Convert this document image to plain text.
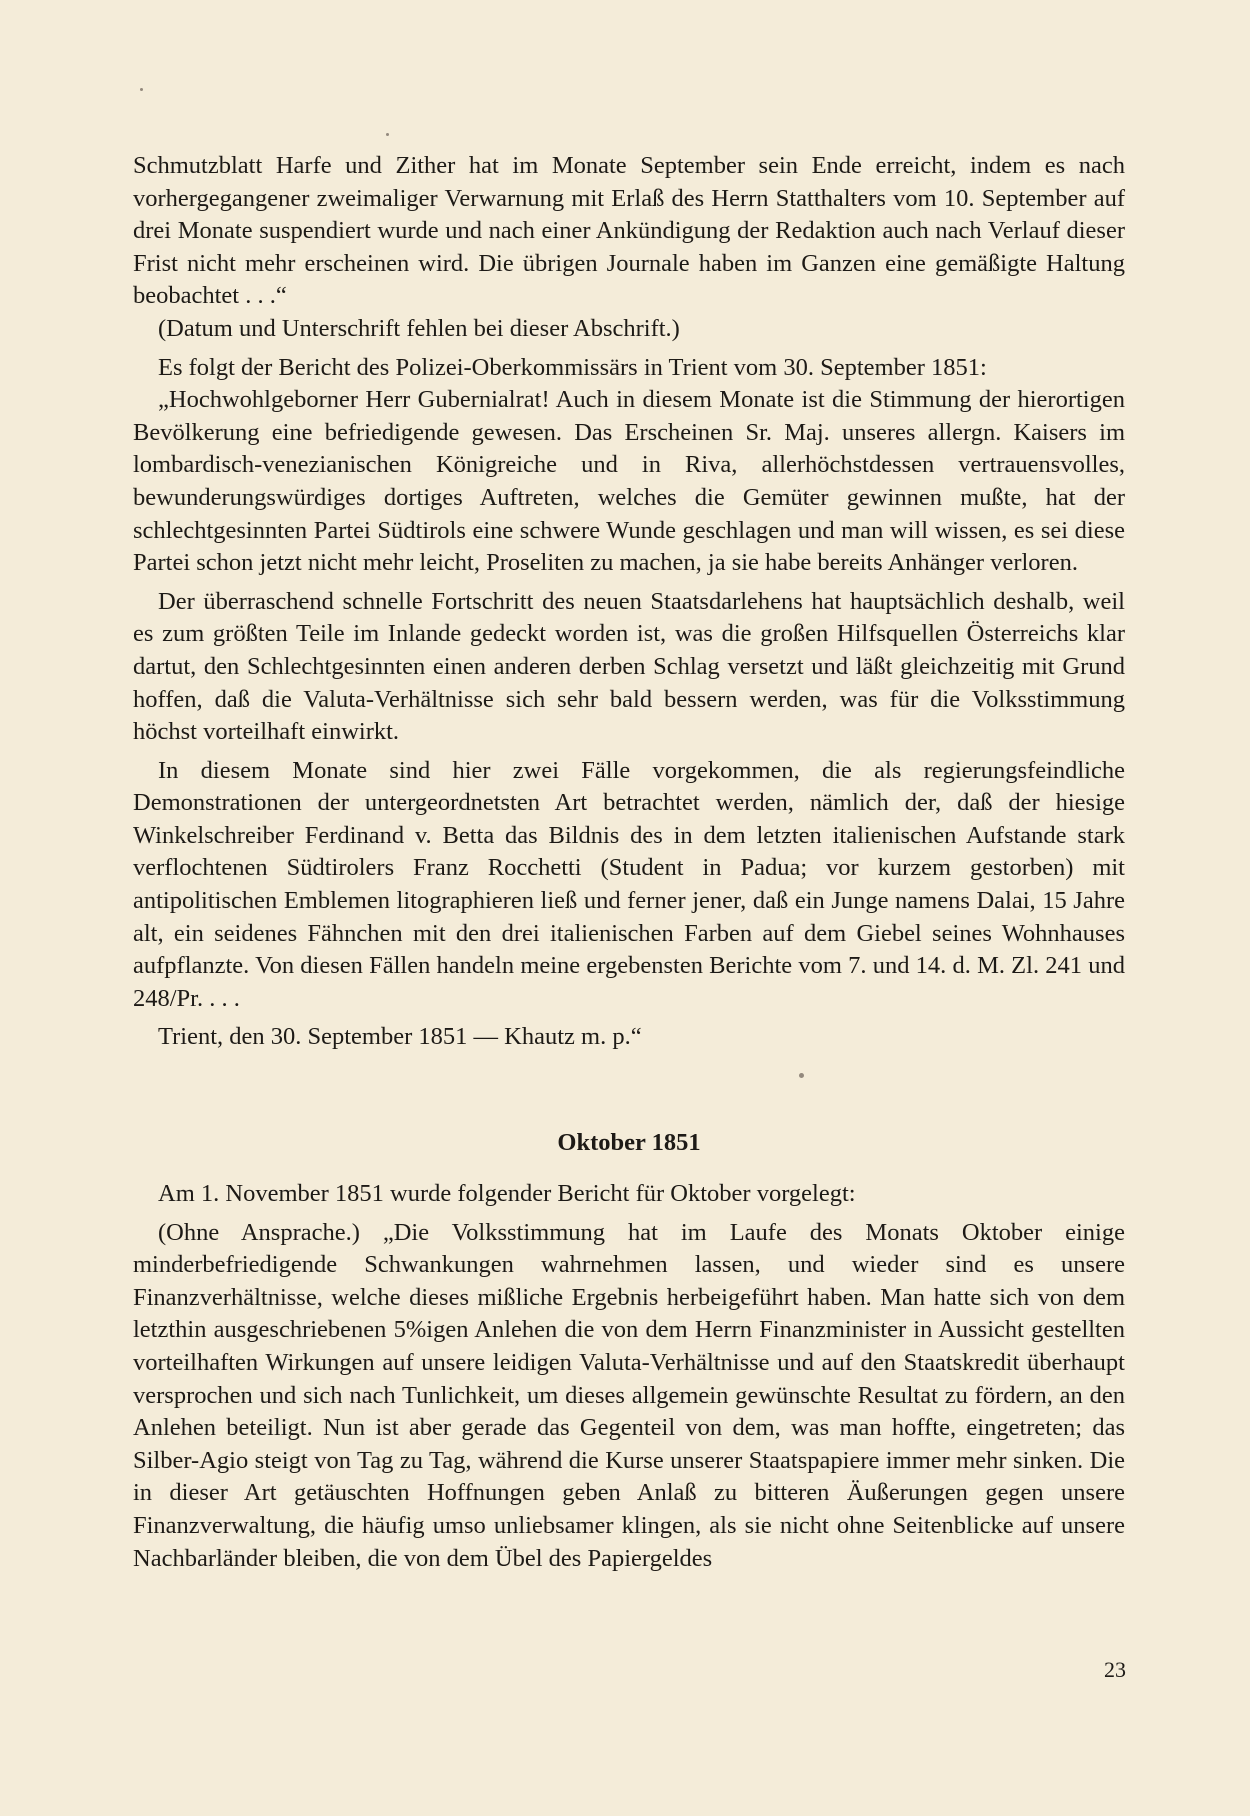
Schmutzblatt Harfe und Zither hat im Monate September sein Ende erreicht, indem es nach vorhergegangener zweimaliger Verwarnung mit Erlaß des Herrn Statthalters vom 10. September auf drei Monate suspendiert wurde und nach einer Ankündigung der Redaktion auch nach Verlauf dieser Frist nicht mehr erscheinen wird. Die übrigen Journale haben im Ganzen eine gemäßigte Haltung beobachtet . . .“

(Datum und Unterschrift fehlen bei dieser Abschrift.)

Es folgt der Bericht des Polizei-Oberkommissärs in Trient vom 30. September 1851:

„Hochwohlgeborner Herr Gubernialrat! Auch in diesem Monate ist die Stimmung der hierortigen Bevölkerung eine befriedigende gewesen. Das Erscheinen Sr. Maj. unseres allergn. Kaisers im lombardisch-venezianischen Königreiche und in Riva, allerhöchstdessen vertrauensvolles, bewunderungswürdiges dortiges Auftreten, welches die Gemüter gewinnen mußte, hat der schlechtgesinnten Partei Südtirols eine schwere Wunde geschlagen und man will wissen, es sei diese Partei schon jetzt nicht mehr leicht, Proseliten zu machen, ja sie habe bereits Anhänger verloren.

Der überraschend schnelle Fortschritt des neuen Staatsdarlehens hat hauptsächlich deshalb, weil es zum größten Teile im Inlande gedeckt worden ist, was die großen Hilfsquellen Österreichs klar dartut, den Schlechtgesinnten einen anderen derben Schlag versetzt und läßt gleichzeitig mit Grund hoffen, daß die Valuta-Verhältnisse sich sehr bald bessern werden, was für die Volksstimmung höchst vorteilhaft einwirkt.

In diesem Monate sind hier zwei Fälle vorgekommen, die als regierungsfeindliche Demonstrationen der untergeordnetsten Art betrachtet werden, nämlich der, daß der hiesige Winkelschreiber Ferdinand v. Betta das Bildnis des in dem letzten italienischen Aufstande stark verflochtenen Südtirolers Franz Rocchetti (Student in Padua; vor kurzem gestorben) mit antipolitischen Emblemen litographieren ließ und ferner jener, daß ein Junge namens Dalai, 15 Jahre alt, ein seidenes Fähnchen mit den drei italienischen Farben auf dem Giebel seines Wohnhauses aufpflanzte. Von diesen Fällen handeln meine ergebensten Berichte vom 7. und 14. d. M. Zl. 241 und 248/Pr. . . .

Trient, den 30. September 1851 — Khautz m. p.“

Oktober 1851

Am 1. November 1851 wurde folgender Bericht für Oktober vorgelegt:

(Ohne Ansprache.) „Die Volksstimmung hat im Laufe des Monats Oktober einige minderbefriedigende Schwankungen wahrnehmen lassen, und wieder sind es unsere Finanzverhältnisse, welche dieses mißliche Ergebnis herbeigeführt haben. Man hatte sich von dem letzthin ausgeschriebenen 5%igen Anlehen die von dem Herrn Finanzminister in Aussicht gestellten vorteilhaften Wirkungen auf unsere leidigen Valuta-Verhältnisse und auf den Staatskredit überhaupt versprochen und sich nach Tunlichkeit, um dieses allgemein gewünschte Resultat zu fördern, an den Anlehen beteiligt. Nun ist aber gerade das Gegenteil von dem, was man hoffte, eingetreten; das Silber-Agio steigt von Tag zu Tag, während die Kurse unserer Staatspapiere immer mehr sinken. Die in dieser Art getäuschten Hoffnungen geben Anlaß zu bitteren Äußerungen gegen unsere Finanzverwaltung, die häufig umso unliebsamer klingen, als sie nicht ohne Seitenblicke auf unsere Nachbarländer bleiben, die von dem Übel des Papiergeldes

23
